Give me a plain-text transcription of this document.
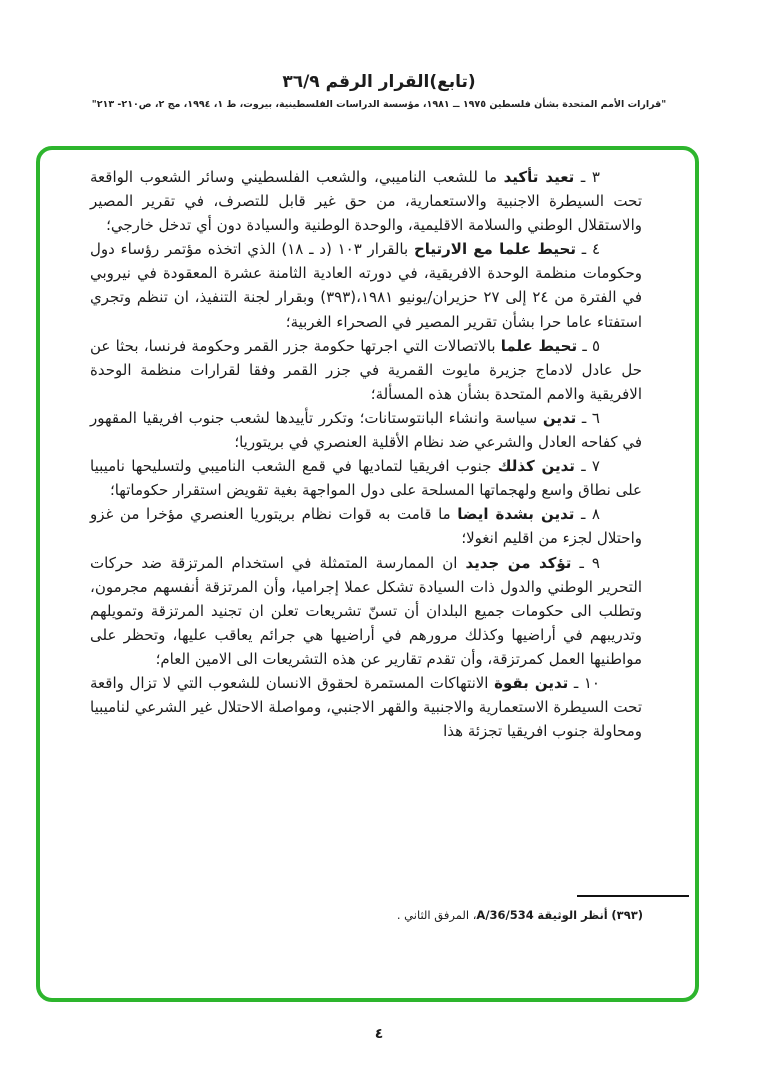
(تابع)القرار الرقم ٣٦/٩
"قرارات الأمم المتحدة بشأن فلسطين ١٩٧٥ ــ ١٩٨١، مؤسسة الدراسات الفلسطينية، بيروت، ط ١، ١٩٩٤، مج ٢، ص٢١٠- ٢١٣"

٣ ـ تعيد تأكيد ما للشعب الناميبي، والشعب الفلسطيني وسائر الشعوب الواقعة تحت السيطرة الاجنبية والاستعمارية، من حق غير قابل للتصرف، في تقرير المصير والاستقلال الوطني والسلامة الاقليمية، والوحدة الوطنية والسيادة دون أي تدخل خارجي؛

٤ ـ تحيط علما مع الارتياح بالقرار ١٠٣ (د ـ ١٨) الذي اتخذه مؤتمر رؤساء دول وحكومات منظمة الوحدة الافريقية، في دورته العادية الثامنة عشرة المعقودة في نيروبي في الفترة من ٢٤ إلى ٢٧ حزيران/يونيو ١٩٨١،(٣٩٣) وبقرار لجنة التنفيذ، ان تنظم وتجري استفتاء عاما حرا بشأن تقرير المصير في الصحراء الغربية؛

٥ ـ تحيط علما بالاتصالات التي اجرتها حكومة جزر القمر وحكومة فرنسا، بحثا عن حل عادل لادماج جزيرة مايوت القمرية في جزر القمر وفقا لقرارات منظمة الوحدة الافريقية والامم المتحدة بشأن هذه المسألة؛

٦ ـ تدين سياسة وانشاء البانتوستانات؛ وتكرر تأييدها لشعب جنوب افريقيا المقهور في كفاحه العادل والشرعي ضد نظام الأقلية العنصري في بريتوريا؛

٧ ـ تدين كذلك جنوب افريقيا لتماديها في قمع الشعب الناميبي ولتسليحها ناميبيا على نطاق واسع ولهجماتها المسلحة على دول المواجهة بغية تقويض استقرار حكوماتها؛

٨ ـ تدين بشدة ايضا ما قامت به قوات نظام بريتوريا العنصري مؤخرا من غزو واحتلال لجزء من اقليم انغولا؛

٩ ـ تؤكد من جديد ان الممارسة المتمثلة في استخدام المرتزقة ضد حركات التحرير الوطني والدول ذات السيادة تشكل عملا إجراميا، وأن المرتزقة أنفسهم مجرمون، وتطلب الى حكومات جميع البلدان أن تسنّ تشريعات تعلن ان تجنيد المرتزقة وتمويلهم وتدريبهم في أراضيها وكذلك مرورهم في أراضيها هي جرائم يعاقب عليها، وتحظر على مواطنيها العمل كمرتزقة، وأن تقدم تقارير عن هذه التشريعات الى الامين العام؛

١٠ ـ تدين بقوة الانتهاكات المستمرة لحقوق الانسان للشعوب التي لا تزال واقعة تحت السيطرة الاستعمارية والاجنبية والقهر الاجنبي، ومواصلة الاحتلال غير الشرعي لناميبيا ومحاولة جنوب افريقيا تجزئة هذا

(٣٩٣) أنظر الوثيقة A/36/534، المرفق الثاني .
٤
